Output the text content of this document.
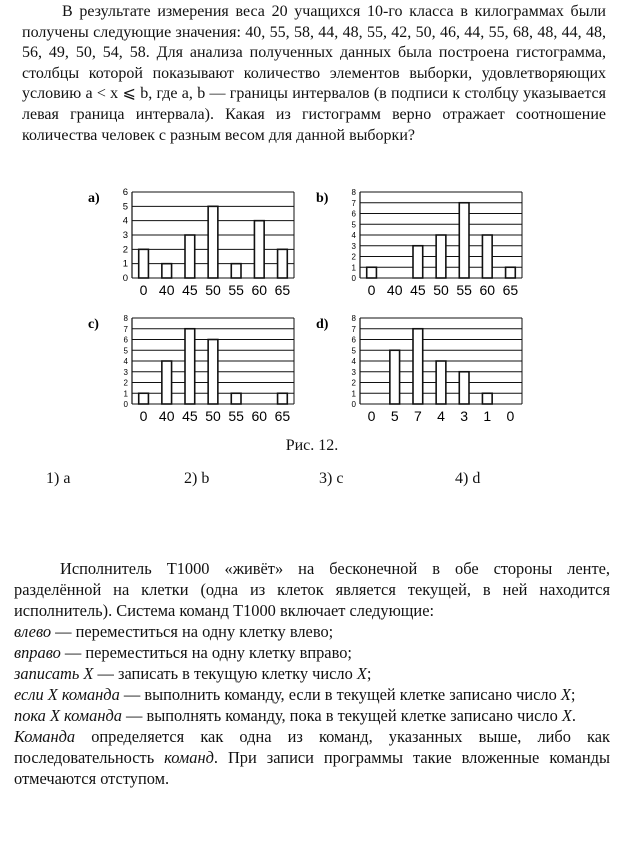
В результате измерения веса 20 учащихся 10-го класса в килограммах были получены следующие значения: 40, 55, 58, 44, 48, 55, 42, 50, 46, 44, 55, 68, 48, 44, 48, 56, 49, 50, 54, 58. Для анализа полученных данных была построена гистограмма, столбцы которой показывают количество элементов выборки, удовлетворяющих условию a < x ⩽ b, где a, b — границы интервалов (в подписи к столбцу указывается левая граница интервала). Какая из гистограмм верно отражает соотношение количества человек с разным весом для данной выборки?
a)
0
1
2
3
4
5
6
0 40 45 50 55 60 65
b)
0
1
2
3
4
5
6
7
8
0 40 45 50 55 60 65
c)
0
1
2
3
4
5
6
7
8
0 40 45 50 55 60 65
d)
0
1
2
3
4
5
6
7
8
0 5 7 4 3 1 0
Рис. 12.
1) a	2) b	3) c	4) d

Исполнитель Т1000 «живёт» на бесконечной в обе стороны ленте, разделённой на клетки (одна из клеток является текущей, в ней находится исполнитель). Система команд Т1000 включает следующие:

влево — переместиться на одну клетку влево;

вправо — переместиться на одну клетку вправо;

записать X — записать в текущую клетку число X;

если X команда — выполнить команду, если в текущей клетке записано число X;

пока X команда — выполнять команду, пока в текущей клетке записано число X.

Команда определяется как одна из команд, указанных выше, либо как последовательность команд. При записи программы такие вложенные команды отмечаются отступом.
